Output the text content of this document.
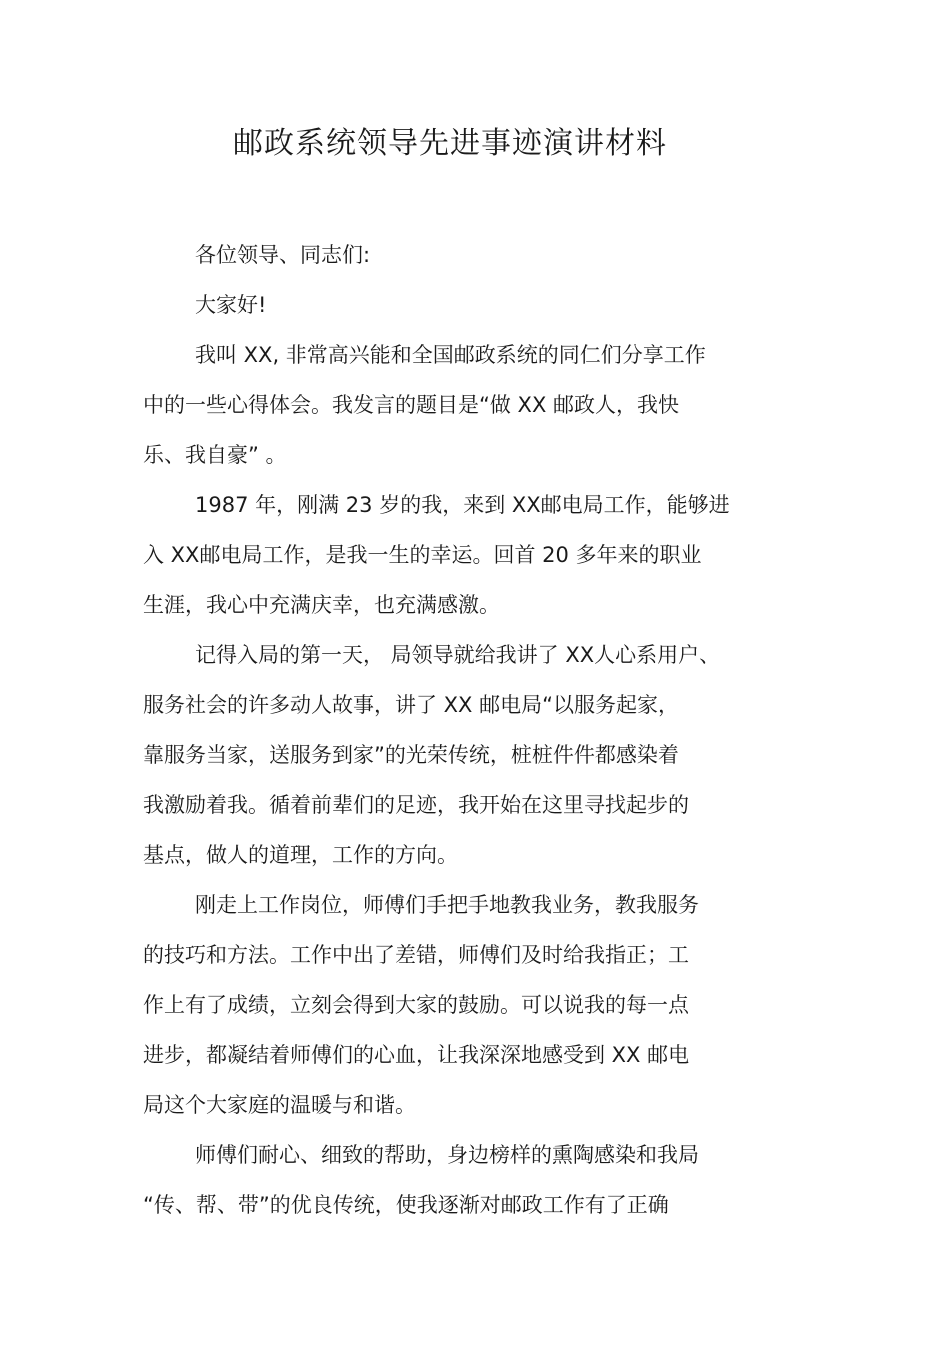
邮政系统领导先进事迹演讲材料

各位领导、同志们:

大家好!

我叫 XX, 非常高兴能和全国邮政系统的同仁们分享工作

中的一些心得体会。我发言的题目是“做 XX 邮政人，我快

乐、我自豪” 。

1987 年，刚满 23 岁的我，来到 XX邮电局工作，能够进

入 XX邮电局工作，是我一生的幸运。回首 20 多年来的职业

生涯，我心中充满庆幸，也充满感激。

记得入局的第一天， 局领导就给我讲了 XX人心系用户、

服务社会的许多动人故事，讲了 XX 邮电局“以服务起家，

靠服务当家，送服务到家”的光荣传统，桩桩件件都感染着

我激励着我。循着前辈们的足迹，我开始在这里寻找起步的

基点，做人的道理，工作的方向。

刚走上工作岗位，师傅们手把手地教我业务，教我服务

的技巧和方法。工作中出了差错，师傅们及时给我指正；工

作上有了成绩，立刻会得到大家的鼓励。可以说我的每一点

进步，都凝结着师傅们的心血，让我深深地感受到 XX 邮电

局这个大家庭的温暖与和谐。

师傅们耐心、细致的帮助，身边榜样的熏陶感染和我局

“传、帮、带”的优良传统，使我逐渐对邮政工作有了正确
